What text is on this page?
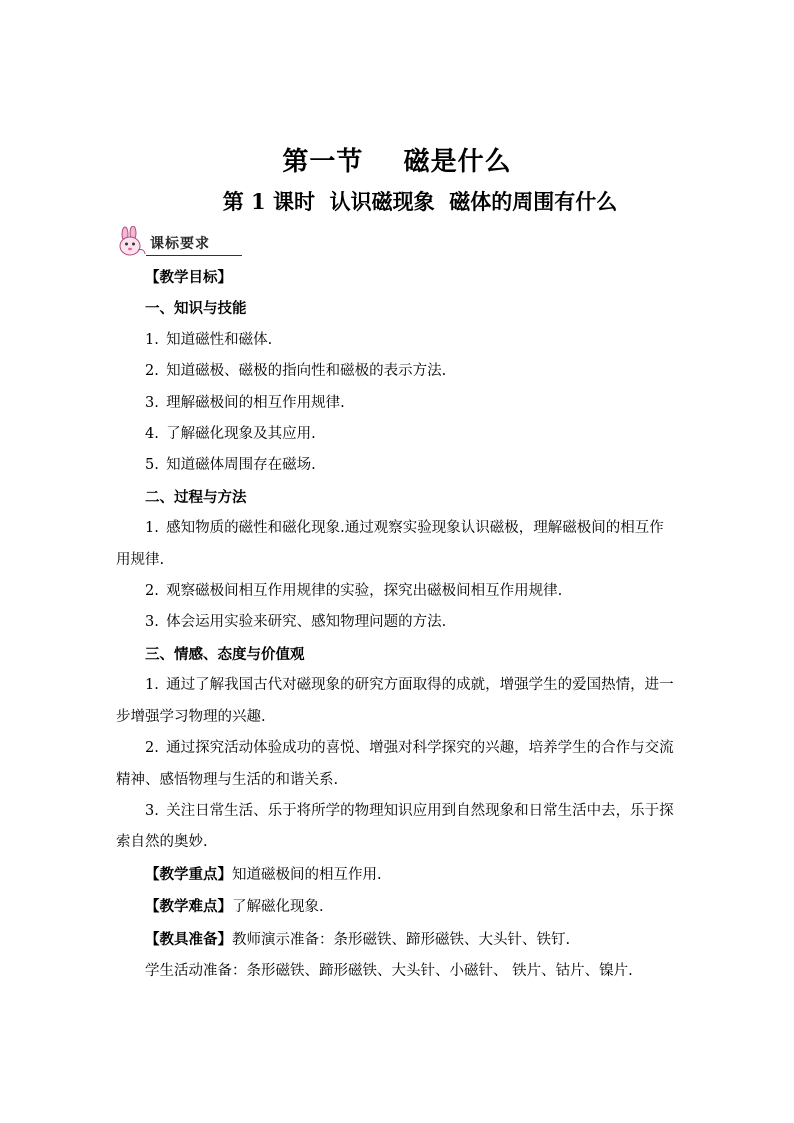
第一节    磁是什么
第 1 课时  认识磁现象  磁体的周围有什么
课标要求

【教学目标】

一、知识与技能

1. 知道磁性和磁体.

2. 知道磁极、磁极的指向性和磁极的表示方法.

3. 理解磁极间的相互作用规律.

4. 了解磁化现象及其应用.

5. 知道磁体周围存在磁场.

二、过程与方法

1. 感知物质的磁性和磁化现象.通过观察实验现象认识磁极，理解磁极间的相互作用规律.

2. 观察磁极间相互作用规律的实验，探究出磁极间相互作用规律.

3. 体会运用实验来研究、感知物理问题的方法.

三、情感、态度与价值观

1. 通过了解我国古代对磁现象的研究方面取得的成就，增强学生的爱国热情，进一步增强学习物理的兴趣.

2. 通过探究活动体验成功的喜悦、增强对科学探究的兴趣，培养学生的合作与交流精神、感悟物理与生活的和谐关系.

3. 关注日常生活、乐于将所学的物理知识应用到自然现象和日常生活中去，乐于探索自然的奥妙.

【教学重点】知道磁极间的相互作用.

【教学难点】了解磁化现象.

【教具准备】教师演示准备：条形磁铁、蹄形磁铁、大头针、铁钉.

学生活动准备：条形磁铁、蹄形磁铁、大头针、小磁针、 铁片、钴片、镍片.
